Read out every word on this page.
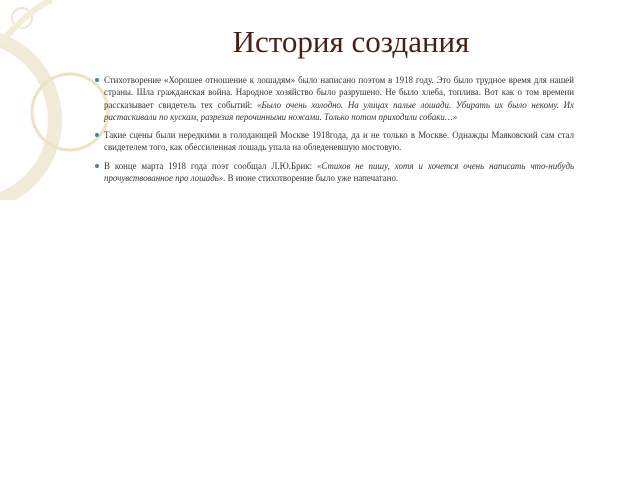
История создания
Стихотворение «Хорошее отношение к лошадям» было написано поэтом в 1918 году. Это было трудное время для нашей страны. Шла гражданская война. Народное хозяйство было разрушено. Не было хлеба, топлива. Вот как о том времени рассказывает свидетель тех событий: «Было очень холодно. На улицах палые лошади. Убирать их было некому. Их растаскивали по кускам, разрезая перочинными ножами. Только потом приходили собаки…»
Такие сцены были нередкими в голодающей Москве 1918года, да и не только в Москве. Однажды Маяковский сам стал свидетелем того, как обессиленная лошадь упала на обледеневшую мостовую.
В конце марта 1918 года поэт сообщал Л.Ю.Брик: «Стихов не пишу, хотя и хочется очень написать что-нибудь прочувствованное про лошадь». В июне стихотворение было уже напечатано.
